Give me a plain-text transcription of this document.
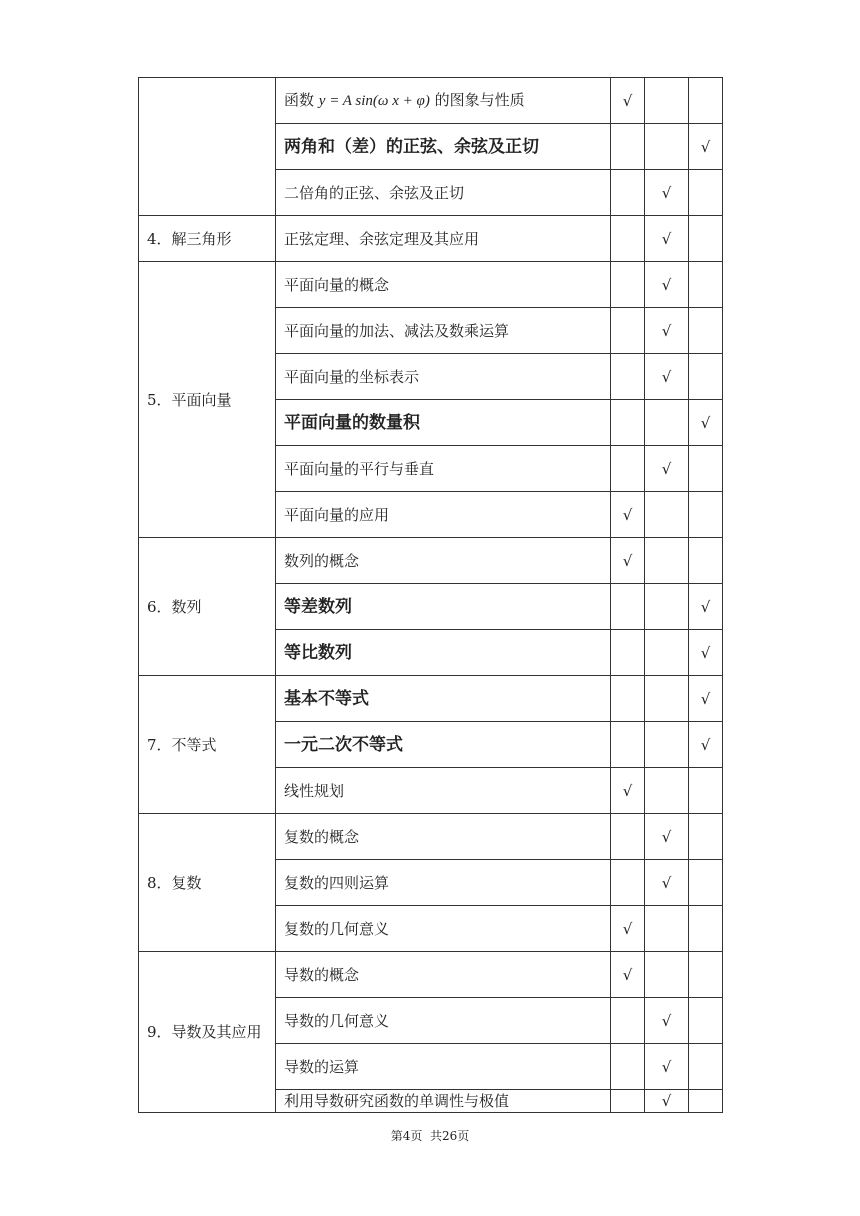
	函数 y = A sin(ω x + φ) 的图象与性质	√		
	两角和（差）的正弦、余弦及正切			√
	二倍角的正弦、余弦及正切		√	
4．解三角形	正弦定理、余弦定理及其应用		√	
5．平面向量	平面向量的概念		√	
	平面向量的加法、减法及数乘运算		√	
	平面向量的坐标表示		√	
	平面向量的数量积			√
	平面向量的平行与垂直		√	
	平面向量的应用	√		
6．数列	数列的概念	√		
	等差数列			√
	等比数列			√
7．不等式	基本不等式			√
	一元二次不等式			√
	线性规划	√		
8．复数	复数的概念		√	
	复数的四则运算		√	
	复数的几何意义	√		
9．导数及其应用	导数的概念	√		
	导数的几何意义		√	
	导数的运算		√	
	利用导数研究函数的单调性与极值		√	
第4页  共26页
